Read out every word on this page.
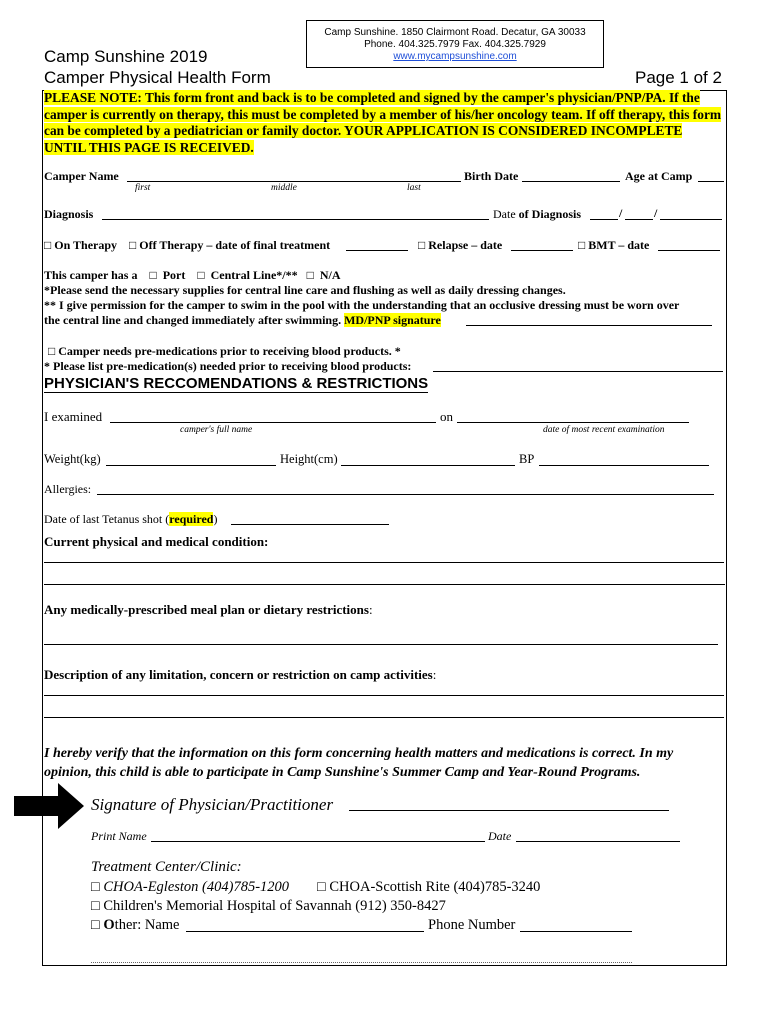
Camp Sunshine. 1850 Clairmont Road. Decatur, GA 30033
Phone. 404.325.7979 Fax. 404.325.7929
www.mycampsunshine.com
Camp Sunshine 2019
Camper Physical Health Form	Page 1 of 2
PLEASE NOTE: This form front and back is to be completed and signed by the camper's physician/PNP/PA. If the camper is currently on therapy, this must be completed by a member of his/her oncology team. If off therapy, this form can be completed by a pediatrician or family doctor. YOUR APPLICATION IS CONSIDERED INCOMPLETE UNTIL THIS PAGE IS RECEIVED.
Camper Name	Birth Date	Age at Camp
first	middle	last
Diagnosis	Date of Diagnosis	/	/
□ On Therapy □ Off Therapy – date of final treatment	□ Relapse – date	□ BMT – date
This camper has a □ Port □ Central Line*/** □ N/A
*Please send the necessary supplies for central line care and flushing as well as daily dressing changes.
** I give permission for the camper to swim in the pool with the understanding that an occlusive dressing must be worn over
the central line and changed immediately after swimming. MD/PNP signature
□ Camper needs pre-medications prior to receiving blood products. *
* Please list pre-medication(s) needed prior to receiving blood products:
PHYSICIAN'S RECCOMENDATIONS & RESTRICTIONS
I examined	on
camper's full name	date of most recent examination
Weight(kg)	Height(cm)	BP
Allergies:
Date of last Tetanus shot (required)
Current physical and medical condition:
Any medically-prescribed meal plan or dietary restrictions:
Description of any limitation, concern or restriction on camp activities:
I hereby verify that the information on this form concerning health matters and medications is correct. In my opinion, this child is able to participate in Camp Sunshine's Summer Camp and Year-Round Programs.
Signature of Physician/Practitioner
Print Name	Date
Treatment Center/Clinic:
□ CHOA-Egleston (404)785-1200 □ CHOA-Scottish Rite (404)785-3240
□ Children's Memorial Hospital of Savannah (912) 350-8427
□ Other: Name	Phone Number
